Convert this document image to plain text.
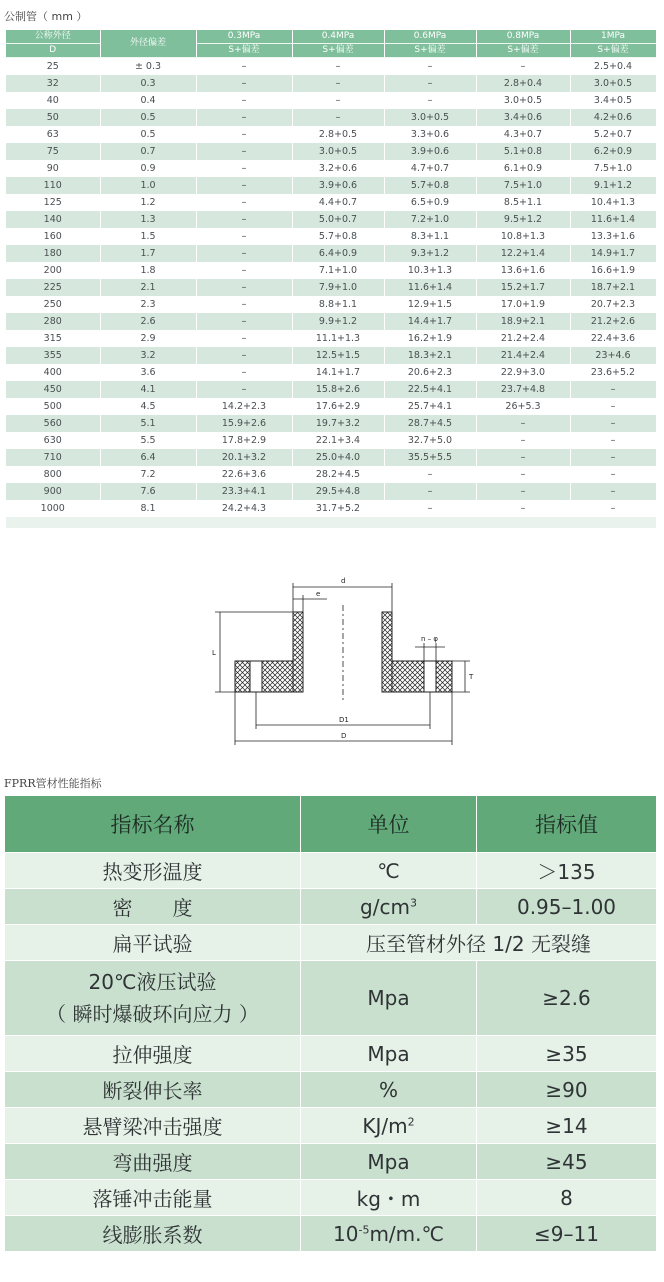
公制管（ mm ）
公称外径	外径偏差	0.3MPa	0.4MPa	0.6MPa	0.8MPa	1MPa
D		S+偏差	S+偏差	S+偏差	S+偏差	S+偏差
25	± 0.3	–	–	–	–	2.5+0.4
32	0.3	–	–	–	2.8+0.4	3.0+0.5
40	0.4	–	–	–	3.0+0.5	3.4+0.5
50	0.5	–	–	3.0+0.5	3.4+0.6	4.2+0.6
63	0.5	–	2.8+0.5	3.3+0.6	4.3+0.7	5.2+0.7
75	0.7	–	3.0+0.5	3.9+0.6	5.1+0.8	6.2+0.9
90	0.9	–	3.2+0.6	4.7+0.7	6.1+0.9	7.5+1.0
110	1.0	–	3.9+0.6	5.7+0.8	7.5+1.0	9.1+1.2
125	1.2	–	4.4+0.7	6.5+0.9	8.5+1.1	10.4+1.3
140	1.3	–	5.0+0.7	7.2+1.0	9.5+1.2	11.6+1.4
160	1.5	–	5.7+0.8	8.3+1.1	10.8+1.3	13.3+1.6
180	1.7	–	6.4+0.9	9.3+1.2	12.2+1.4	14.9+1.7
200	1.8	–	7.1+1.0	10.3+1.3	13.6+1.6	16.6+1.9
225	2.1	–	7.9+1.0	11.6+1.4	15.2+1.7	18.7+2.1
250	2.3	–	8.8+1.1	12.9+1.5	17.0+1.9	20.7+2.3
280	2.6	–	9.9+1.2	14.4+1.7	18.9+2.1	21.2+2.6
315	2.9	–	11.1+1.3	16.2+1.9	21.2+2.4	22.4+3.6
355	3.2	–	12.5+1.5	18.3+2.1	21.4+2.4	23+4.6
400	3.6	–	14.1+1.7	20.6+2.3	22.9+3.0	23.6+5.2
450	4.1	–	15.8+2.6	22.5+4.1	23.7+4.8	–
500	4.5	14.2+2.3	17.6+2.9	25.7+4.1	26+5.3	–
560	5.1	15.9+2.6	19.7+3.2	28.7+4.5	–	–
630	5.5	17.8+2.9	22.1+3.4	32.7+5.0	–	–
710	6.4	20.1+3.2	25.0+4.0	35.5+5.5	–	–
800	7.2	22.6+3.6	28.2+4.5	–	–	–
900	7.6	23.3+4.1	29.5+4.8	–	–	–
1000	8.1	24.2+4.3	31.7+5.2	–	–	–
d
e
L
n – φ
T
D1
D
FPRR管材性能指标
指标名称	单位	指标值
热变形温度	℃	＞135
密　　度	$g/cm^3$	0.95–1.00
扁平试验	压至管材外径 1/2 无裂缝	

20℃液压试验
（ 瞬时爆破环向应力 ）	Mpa	≥2.6
拉伸强度	Mpa	≥35
断裂伸长率	%	≥90
悬臂梁冲击强度	$KJ/m^2$	≥14
弯曲强度	Mpa	≥45
落锤冲击能量	kg・m	8
线膨胀系数	$10^{-5}m/m.℃$	≤9–11
